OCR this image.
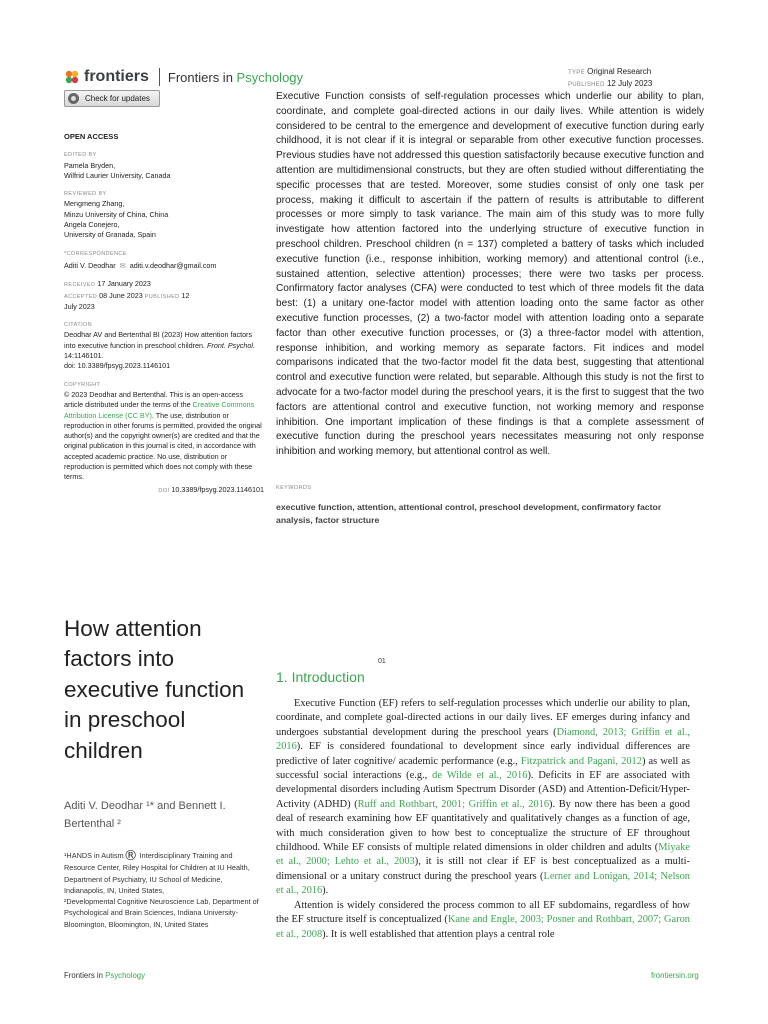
frontiers Frontiers in Psychology
Check for updates
TYPE Original Research
PUBLISHED 12 July 2023
OPEN ACCESS
EDITED BY
Pamela Bryden,
Wilfrid Laurier University, Canada
REVIEWED BY
Mengmeng Zhang,
Minzu University of China, China
Angela Conejero,
University of Granada, Spain
*CORRESPONDENCE
Aditi V. Deodhar ✉ aditi.v.deodhar@gmail.com
RECEIVED 17 January 2023
ACCEPTED 08 June 2023 PUBLISHED 12
July 2023
CITATION
Deodhar AV and Bertenthal BI (2023) How attention factors into executive function in preschool children. Front. Psychol. 14:1146101.
doi: 10.3389/fpsyg.2023.1146101
COPYRIGHT
© 2023 Deodhar and Bertenthal. This is an open-access article distributed under the terms of the Creative Commons Attribution License (CC BY). The use, distribution or reproduction in other forums is permitted, provided the original author(s) and the copyright owner(s) are credited and that the original publication in this journal is cited, in accordance with accepted academic practice. No use, distribution or reproduction is permitted which does not comply with these terms.
DOI 10.3389/fpsyg.2023.1146101
Executive Function consists of self-regulation processes which underlie our ability to plan, coordinate, and complete goal-directed actions in our daily lives. While attention is widely considered to be central to the emergence and development of executive function during early childhood, it is not clear if it is integral or separable from other executive function processes. Previous studies have not addressed this question satisfactorily because executive function and attention are multidimensional constructs, but they are often studied without differentiating the specific processes that are tested. Moreover, some studies consist of only one task per process, making it difficult to ascertain if the pattern of results is attributable to different processes or more simply to task variance. The main aim of this study was to more fully investigate how attention factored into the underlying structure of executive function in preschool children. Preschool children (n = 137) completed a battery of tasks which included executive function (i.e., response inhibition, working memory) and attentional control (i.e., sustained attention, selective attention) processes; there were two tasks per process. Confirmatory factor analyses (CFA) were conducted to test which of three models fit the data best: (1) a unitary one-factor model with attention loading onto the same factor as other executive function processes, (2) a two-factor model with attention loading onto a separate factor than other executive function processes, or (3) a three-factor model with attention, response inhibition, and working memory as separate factors. Fit indices and model comparisons indicated that the two-factor model fit the data best, suggesting that attentional control and executive function were related, but separable. Although this study is not the first to advocate for a two-factor model during the preschool years, it is the first to suggest that the two factors are attentional control and executive function, not working memory and response inhibition. One important implication of these findings is that a complete assessment of executive function during the preschool years necessitates measuring not only response inhibition and working memory, but attentional control as well.
KEYWORDS
executive function, attention, attentional control, preschool development, confirmatory factor analysis, factor structure
How attention factors into executive function in preschool children
Aditi V. Deodhar ¹* and Bennett I. Bertenthal ²
¹HANDS in Autism® Interdisciplinary Training and Resource Center, Riley Hospital for Children at IU Health, Department of Psychiatry, IU School of Medicine, Indianapolis, IN, United States,
²Developmental Cognitive Neuroscience Lab, Department of Psychological and Brain Sciences, Indiana University-Bloomington, Bloomington, IN, United States
01
1. Introduction

Executive Function (EF) refers to self-regulation processes which underlie our ability to plan, coordinate, and complete goal-directed actions in our daily lives. EF emerges during infancy and undergoes substantial development during the preschool years (Diamond, 2013; Griffin et al., 2016). EF is considered foundational to development since early individual differences are predictive of later cognitive/ academic performance (e.g., Fitzpatrick and Pagani, 2012) as well as successful social interactions (e.g., de Wilde et al., 2016). Deficits in EF are associated with developmental disorders including Autism Spectrum Disorder (ASD) and Attention-Deficit/Hyper-Activity (ADHD) (Ruff and Rothbart, 2001; Griffin et al., 2016). By now there has been a good deal of research examining how EF quantitatively and qualitatively changes as a function of age, with much consideration given to how best to conceptualize the structure of EF throughout childhood. While EF consists of multiple related dimensions in older children and adults (Miyake et al., 2000; Lehto et al., 2003), it is still not clear if EF is best conceptualized as a multi-dimensional or a unitary construct during the preschool years (Lerner and Lonigan, 2014; Nelson et al., 2016).

Attention is widely considered the process common to all EF subdomains, regardless of how the EF structure itself is conceptualized (Kane and Engle, 2003; Posner and Rothbart, 2007; Garon et al., 2008). It is well established that attention plays a central role

Frontiers in Psychology	frontiersin.org
